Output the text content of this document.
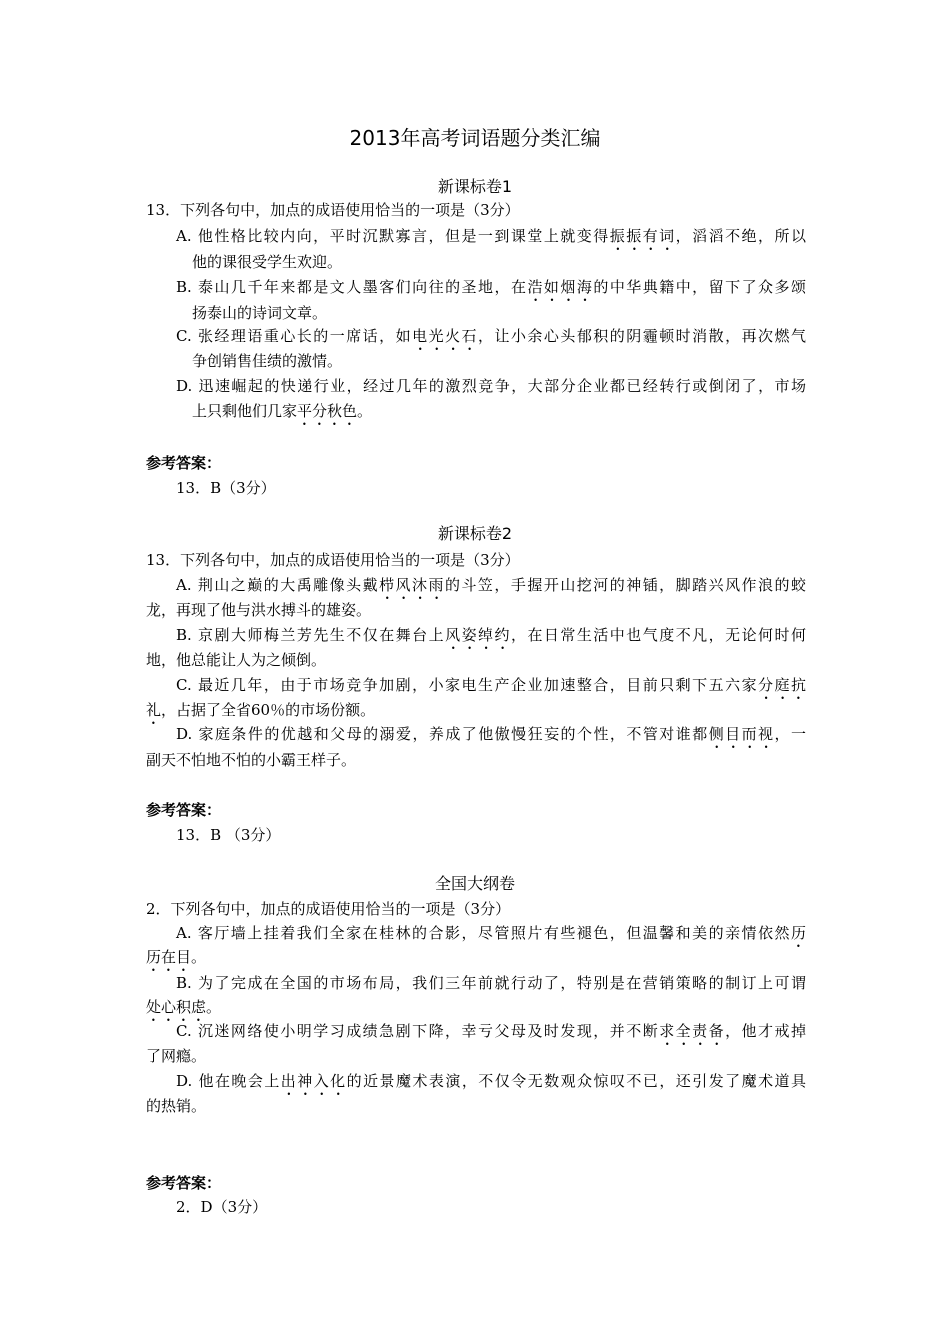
2013年高考词语题分类汇编
新课标卷1
13．下列各句中，加点的成语使用恰当的一项是（3分）
A. 他性格比较内向，平时沉默寡言，但是一到课堂上就变得振振有词，滔滔不绝，所以
他的课很受学生欢迎。
B. 泰山几千年来都是文人墨客们向往的圣地，在浩如烟海的中华典籍中，留下了众多颂
扬泰山的诗词文章。
C. 张经理语重心长的一席话，如电光火石，让小余心头郁积的阴霾顿时消散，再次燃气
争创销售佳绩的激情。
D. 迅速崛起的快递行业，经过几年的激烈竞争，大部分企业都已经转行或倒闭了，市场
上只剩他们几家平分秋色。
参考答案：
13．B（3分）
新课标卷2
13．下列各句中，加点的成语使用恰当的一项是（3分）
A. 荆山之巅的大禹雕像头戴栉风沐雨的斗笠，手握开山挖河的神锸，脚踏兴风作浪的蛟
龙，再现了他与洪水搏斗的雄姿。
B. 京剧大师梅兰芳先生不仅在舞台上风姿绰约，在日常生活中也气度不凡，无论何时何
地，他总能让人为之倾倒。
C. 最近几年，由于市场竞争加剧，小家电生产企业加速整合，目前只剩下五六家分庭抗
礼，占据了全省60％的市场份额。
D. 家庭条件的优越和父母的溺爱，养成了他傲慢狂妄的个性，不管对谁都侧目而视，一
副天不怕地不怕的小霸王样子。
参考答案：
13．B （3分）
全国大纲卷
2．下列各句中，加点的成语使用恰当的一项是（3分）
A. 客厅墙上挂着我们全家在桂林的合影，尽管照片有些褪色，但温馨和美的亲情依然历
历在目。
B. 为了完成在全国的市场布局，我们三年前就行动了，特别是在营销策略的制订上可谓
处心积虑。
C. 沉迷网络使小明学习成绩急剧下降，幸亏父母及时发现，并不断求全责备，他才戒掉
了网瘾。
D. 他在晚会上出神入化的近景魔术表演，不仅令无数观众惊叹不已，还引发了魔术道具
的热销。
参考答案：
2．D（3分）
